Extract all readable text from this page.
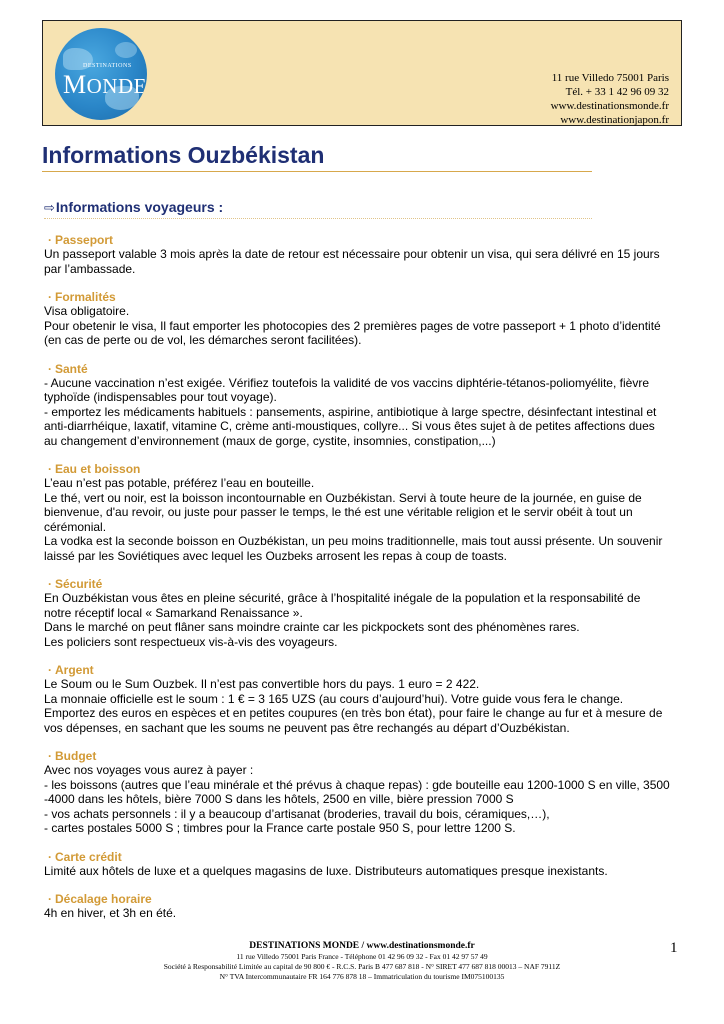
DESTINATIONS
MONDE	11 rue Villedo 75001 Paris
Tél. + 33 1 42 96 09 32
www.destinationsmonde.fr
www.destinationjapon.fr
Informations Ouzbékistan
⇨Informations voyageurs :
· Passeport
Un passeport valable 3 mois après la date de retour est nécessaire pour obtenir un visa, qui sera délivré en 15 jours
par l’ambassade.
· Formalités
Visa obligatoire.
Pour obetenir le visa, Il faut emporter les photocopies des 2 premières pages de votre passeport + 1 photo d’identité
(en cas de perte ou de vol, les démarches seront facilitées).
· Santé
- Aucune vaccination n’est exigée. Vérifiez toutefois la validité de vos vaccins diphtérie-tétanos-poliomyélite, fièvre
typhoïde (indispensables pour tout voyage).
- emportez les médicaments habituels : pansements, aspirine, antibiotique à large spectre, désinfectant intestinal et
anti-diarrhéique, laxatif, vitamine C, crème anti-moustiques, collyre... Si vous êtes sujet à de petites affections dues
au changement d’environnement (maux de gorge, cystite, insomnies, constipation,...)
· Eau et boisson
L’eau n’est pas potable, préférez l’eau en bouteille.
Le thé, vert ou noir, est la boisson incontournable en Ouzbékistan. Servi à toute heure de la journée, en guise de
bienvenue, d'au revoir, ou juste pour passer le temps, le thé est une véritable religion et le servir obéit à tout un
cérémonial.
La vodka est la seconde boisson en Ouzbékistan, un peu moins traditionnelle, mais tout aussi présente. Un souvenir
laissé par les Soviétiques avec lequel les Ouzbeks arrosent les repas à coup de toasts.
· Sécurité
En Ouzbékistan vous êtes en pleine sécurité, grâce à l’hospitalité inégale de la population et la responsabilité de
notre réceptif local « Samarkand Renaissance ».
Dans le marché on peut flâner sans moindre crainte car les pickpockets sont des phénomènes rares.
Les policiers sont respectueux vis-à-vis des voyageurs.
· Argent
Le Soum ou le Sum Ouzbek. Il n’est pas convertible hors du pays. 1 euro = 2 422.
La monnaie officielle est le soum : 1 € = 3 165 UZS (au cours d’aujourd’hui). Votre guide vous fera le change.
Emportez des euros en espèces et en petites coupures (en très bon état), pour faire le change au fur et à mesure de
vos dépenses, en sachant que les soums ne peuvent pas être rechangés au départ d’Ouzbékistan.
· Budget
Avec nos voyages vous aurez à payer :
- les boissons (autres que l’eau minérale et thé prévus à chaque repas) : gde bouteille eau 1200-1000 S en ville, 3500
-4000 dans les hôtels, bière 7000 S dans les hôtels, 2500 en ville, bière pression 7000 S
- vos achats personnels : il y a beaucoup d’artisanat (broderies, travail du bois, céramiques,…),
- cartes postales 5000 S ; timbres pour la France carte postale 950 S, pour lettre 1200 S.
· Carte crédit
Limité aux hôtels de luxe et a quelques magasins de luxe. Distributeurs automatiques presque inexistants.
· Décalage horaire
4h en hiver, et 3h en été.
DESTINATIONS MONDE / www.destinationsmonde.fr
11 rue Villedo 75001 Paris France - Téléphone 01 42 96 09 32 - Fax 01 42 97 57 49
Société à Responsabilité Limitée au capital de 90 800 € - R.C.S. Paris B 477 687 818 - N° SIRET 477 687 818 00013 – NAF 7911Z
N° TVA Intercommunautaire FR 164 776 878 18 – Immatriculation du tourisme IM075100135
1
